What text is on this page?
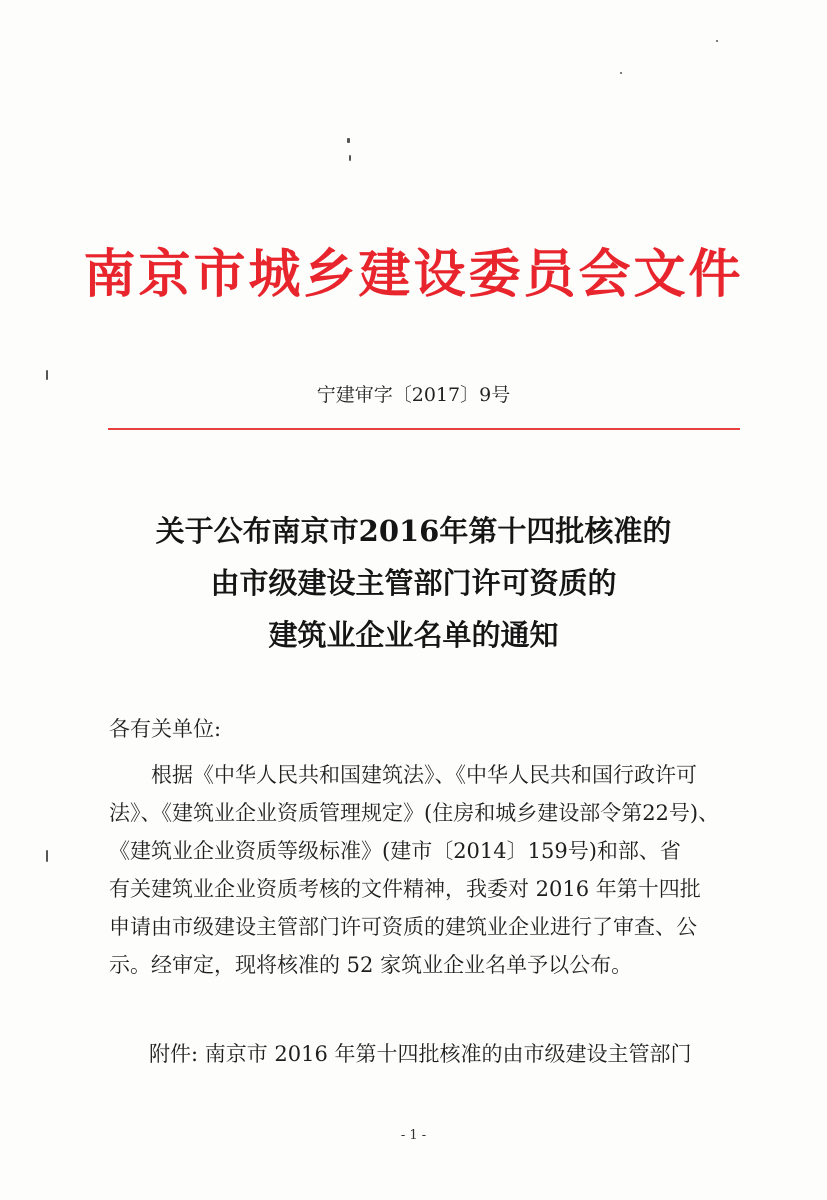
南京市城乡建设委员会文件
宁建审字〔2017〕9号
关于公布南京市2016年第十四批核准的
由市级建设主管部门许可资质的
建筑业企业名单的通知
各有关单位:
根据《中华人民共和国建筑法》、《中华人民共和国行政许可
法》、《建筑业企业资质管理规定》(住房和城乡建设部令第22号)、
《建筑业企业资质等级标准》(建市〔2014〕159号)和部、省
有关建筑业企业资质考核的文件精神，我委对 2016 年第十四批
申请由市级建设主管部门许可资质的建筑业企业进行了审查、公
示。经审定，现将核准的 52 家筑业企业名单予以公布。
附件: 南京市 2016 年第十四批核准的由市级建设主管部门
- 1 -
